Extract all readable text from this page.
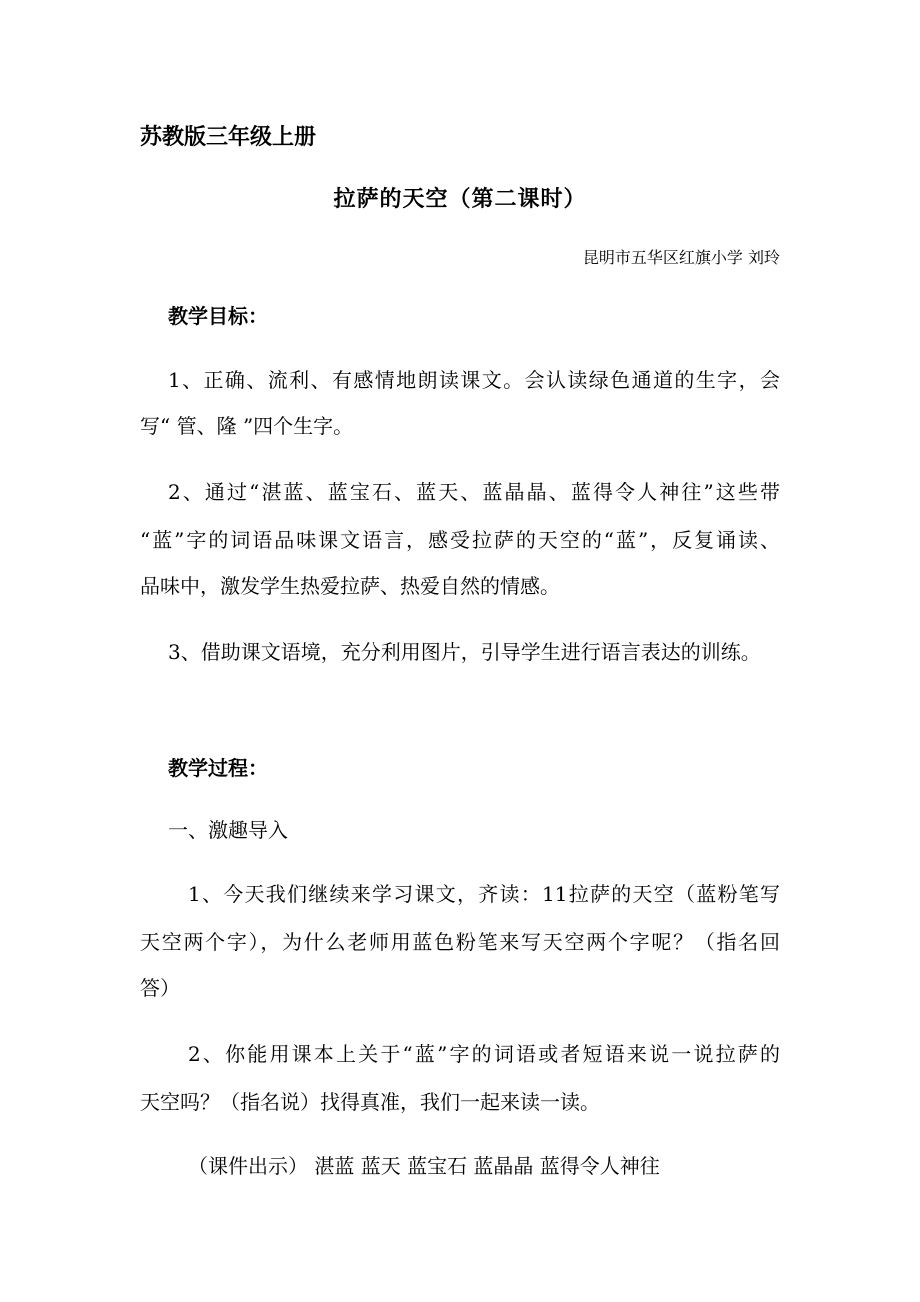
苏教版三年级上册
拉萨的天空（第二课时）
昆明市五华区红旗小学 刘玲
教学目标：
1、正确、流利、有感情地朗读课文。会认读绿色通道的生字，会
写“ 管、隆 ”四个生字。
2、通过“湛蓝、蓝宝石、蓝天、蓝晶晶、蓝得令人神往”这些带
“蓝”字的词语品味课文语言，感受拉萨的天空的“蓝”，反复诵读、
品味中，激发学生热爱拉萨、热爱自然的情感。
3、借助课文语境，充分利用图片，引导学生进行语言表达的训练。
教学过程：
一、激趣导入
1、今天我们继续来学习课文，齐读：11拉萨的天空（蓝粉笔写
天空两个字），为什么老师用蓝色粉笔来写天空两个字呢？（指名回
答）
2、你能用课本上关于“蓝”字的词语或者短语来说一说拉萨的
天空吗？（指名说）找得真准，我们一起来读一读。
（课件出示） 湛蓝 蓝天 蓝宝石 蓝晶晶 蓝得令人神往
